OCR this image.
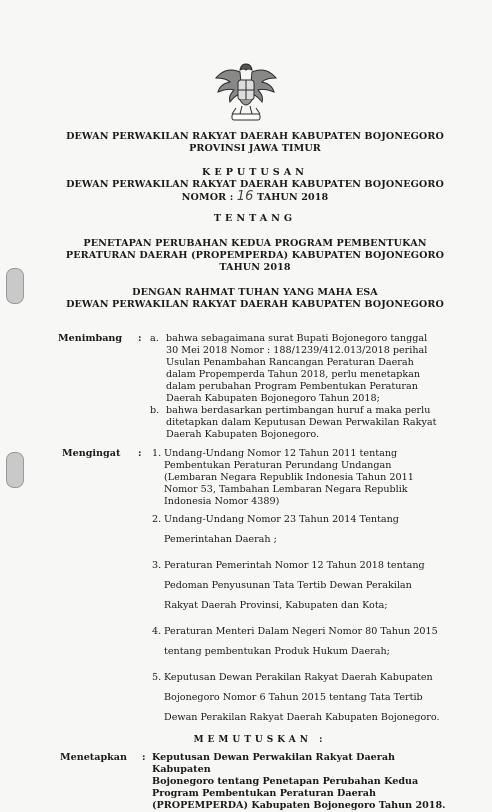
DEWAN PERWAKILAN RAKYAT DAERAH KABUPATEN BOJONEGORO
PROVINSI JAWA TIMUR
KEPUTUSAN
DEWAN PERWAKILAN RAKYAT DAERAH KABUPATEN BOJONEGORO
NOMOR : 16 TAHUN 2018
TENTANG
PENETAPAN PERUBAHAN KEDUA PROGRAM PEMBENTUKAN
PERATURAN DAERAH (PROPEMPERDA) KABUPATEN BOJONEGORO
TAHUN 2018
DENGAN RAHMAT TUHAN YANG MAHA ESA
DEWAN PERWAKILAN RAKYAT DAERAH KABUPATEN BOJONEGORO
Menimbang : a. bahwa sebagaimana surat Bupati Bojonegoro tanggal
30 Mei 2018 Nomor : 188/1239/412.013/2018 perihal
Usulan Penambahan Rancangan Peraturan Daerah
dalam Propemperda Tahun 2018, perlu menetapkan
dalam perubahan Program Pembentukan Peraturan
Daerah Kabupaten Bojonegoro Tahun 2018;
b. bahwa berdasarkan pertimbangan huruf a maka perlu
ditetapkan dalam Keputusan Dewan Perwakilan Rakyat
Daerah Kabupaten Bojonegoro.
Mengingat : 1. Undang-Undang Nomor 12 Tahun 2011 tentang
Pembentukan Peraturan Perundang Undangan
(Lembaran Negara Republik Indonesia Tahun 2011
Nomor 53, Tambahan Lembaran Negara Republik
Indonesia Nomor 4389)
2. Undang-Undang Nomor 23 Tahun 2014 Tentang
Pemerintahan Daerah ;
3. Peraturan Pemerintah Nomor 12 Tahun 2018 tentang
Pedoman Penyusunan Tata Tertib Dewan Perakilan
Rakyat Daerah Provinsi, Kabupaten dan Kota;
4. Peraturan Menteri Dalam Negeri Nomor 80 Tahun 2015
tentang pembentukan Produk Hukum Daerah;
5. Keputusan Dewan Perakilan Rakyat Daerah Kabupaten
Bojonegoro Nomor 6 Tahun 2015 tentang Tata Tertib
Dewan Perakilan Rakyat Daerah Kabupaten Bojonegoro.
MEMUTUSKAN :
Menetapkan : Keputusan Dewan Perwakilan Rakyat Daerah Kabupaten
Bojonegoro tentang Penetapan Perubahan Kedua
Program Pembentukan Peraturan Daerah
(PROPEMPERDA) Kabupaten Bojonegoro Tahun 2018.
